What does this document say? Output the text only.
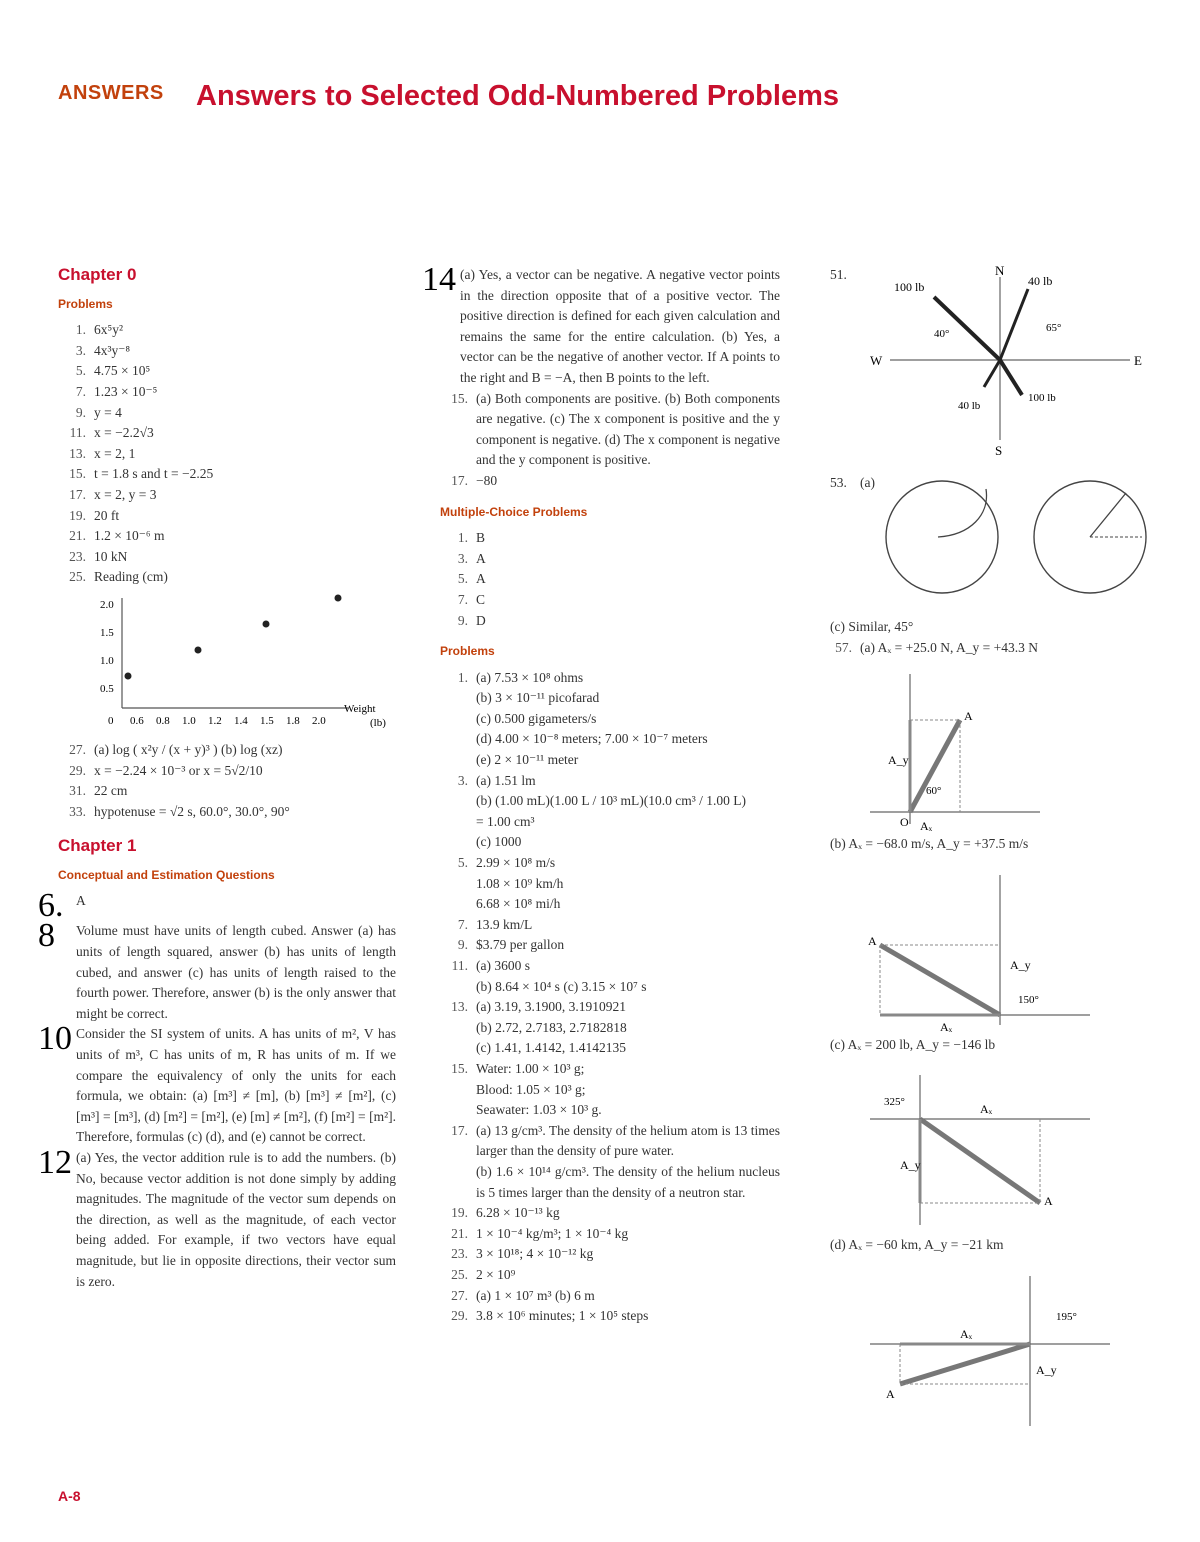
ANSWERS Answers to Selected Odd-Numbered Problems
Chapter 0
Problems
1. 6x⁵y²
3. 4x³y⁻⁸
5. 4.75 × 10⁵
7. 1.23 × 10⁻⁵
9. y = 4
11. x = −2.2√3
13. x = 2, 1
15. t = 1.8 s and t = −2.25
17. x = 2, y = 3
19. 20 ft
21. 1.2 × 10⁻⁶ m
23. 10 kN
25. Reading (cm)
2.0
1.5
1.0
0.5
0 0.6 0.8 1.0 1.2 1.4 1.5 1.8 2.0
Weight
(lb)
27. (a) log ( x²y / (x + y)³ ) (b) log (xz)
29. x = −2.24 × 10⁻³ or x = 5√2/10
31. 22 cm
33. hypotenuse = √2 s, 60.0°, 30.0°, 90°
Chapter 1
Conceptual and Estimation Questions
6. A
8	Volume must have units of length cubed. Answer (a) has units of length squared, answer (b) has units of length cubed, and answer (c) has units of length raised to the fourth power. Therefore, answer (b) is the only answer that might be correct.
10 Consider the SI system of units. A has units of m², V has units of m³, C has units of m, R has units of m. If we compare the equivalency of only the units for each formula, we obtain: (a) [m³] ≠ [m], (b) [m³] ≠ [m²], (c) [m³] = [m³], (d) [m²] = [m²], (e) [m] ≠ [m²], (f) [m²] = [m²]. Therefore, formulas (c) (d), and (e) cannot be correct.
12 (a) Yes, the vector addition rule is to add the numbers. (b) No, because vector addition is not done simply by adding magnitudes. The magnitude of the vector sum depends on the direction, as well as the magnitude, of each vector being added. For example, if two vectors have equal magnitude, but lie in opposite directions, their vector sum is zero.
14 (a) Yes, a vector can be negative. A negative vector points in the direction opposite that of a positive vector. The positive direction is defined for each given calculation and remains the same for the entire calculation. (b) Yes, a vector can be the negative of another vector. If A points to the right and B = −A, then B points to the left.
15. (a) Both components are positive. (b) Both components are negative. (c) The x component is positive and the y component is negative. (d) The x component is negative and the y component is positive.
17. −80
Multiple-Choice Problems
1. B
3. A
5. A
7. C
9. D
Problems
1. (a) 7.53 × 10⁸ ohms
(b) 3 × 10⁻¹¹ picofarad
(c) 0.500 gigameters/s
(d) 4.00 × 10⁻⁸ meters; 7.00 × 10⁻⁷ meters
(e) 2 × 10⁻¹¹ meter
3. (a) 1.51 lm
(b) (1.00 mL)(1.00 L / 10³ mL)(10.0 cm³ / 1.00 L)
= 1.00 cm³
(c) 1000
5. 2.99 × 10⁸ m/s
1.08 × 10⁹ km/h
6.68 × 10⁸ mi/h
7. 13.9 km/L
9. $3.79 per gallon
11. (a) 3600 s
(b) 8.64 × 10⁴ s (c) 3.15 × 10⁷ s
13. (a) 3.19, 3.1900, 3.1910921
(b) 2.72, 2.7183, 2.7182818
(c) 1.41, 1.4142, 1.4142135
15. Water: 1.00 × 10³ g;
Blood: 1.05 × 10³ g;
Seawater: 1.03 × 10³ g.
17. (a) 13 g/cm³. The density of the helium atom is 13 times larger than the density of pure water.
(b) 1.6 × 10¹⁴ g/cm³. The density of the helium nucleus is 5 times larger than the density of a neutron star.
19. 6.28 × 10⁻¹³ kg
21. 1 × 10⁻⁴ kg/m³; 1 × 10⁻⁴ kg
23. 3 × 10¹⁸; 4 × 10⁻¹² kg
25. 2 × 10⁹
27. (a) 1 × 10⁷ m³ (b) 6 m
29. 3.8 × 10⁶ minutes; 1 × 10⁵ steps
51.	N
S
E
W
100 lb	40 lb
40 lb
100 lb
40°	65°
53. (a)
(c) Similar, 45°
57. (a) Aₓ = +25.0 N, A_y = +43.3 N
A
A_y
Aₓ
O
60°
(b) Aₓ = −68.0 m/s, A_y = +37.5 m/s
A
A_y
Aₓ
150°
(c) Aₓ = 200 lb, A_y = −146 lb
A
A_y
Aₓ
325°
(d) Aₓ = −60 km, A_y = −21 km
A
Aₓ
A_y
195°
A-8
